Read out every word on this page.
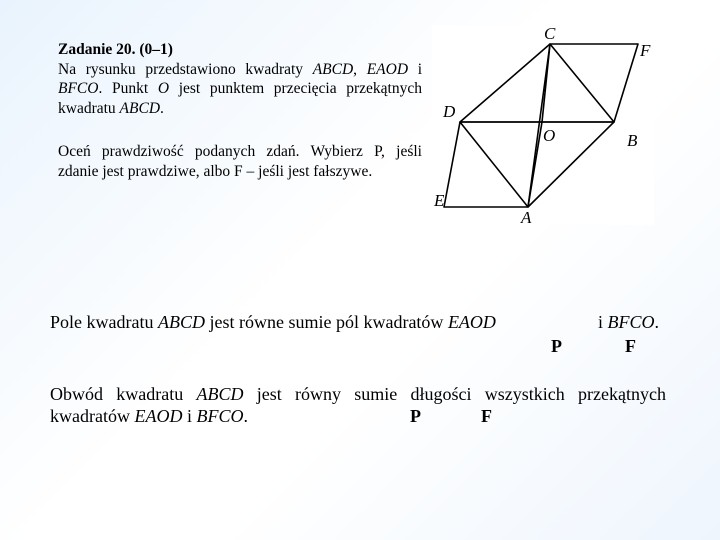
Zadanie 20. (0–1)

Na rysunku przedstawiono kwadraty ABCD, EAOD i BFCO. Punkt O jest punktem przecięcia przekątnych kwadratu ABCD.

Oceń prawdziwość podanych zdań. Wybierz P, jeśli zdanie jest prawdziwe, albo F – jeśli jest fałszywe.

C
F
D
O	B
E
A
Pole kwadratu ABCD jest równe sumie pól kwadratów EAOD	i BFCO.
P	F
Obwód kwadratu ABCD jest równy sumie długości wszystkich przekątnych
kwadratów EAOD i BFCO.	P	F
